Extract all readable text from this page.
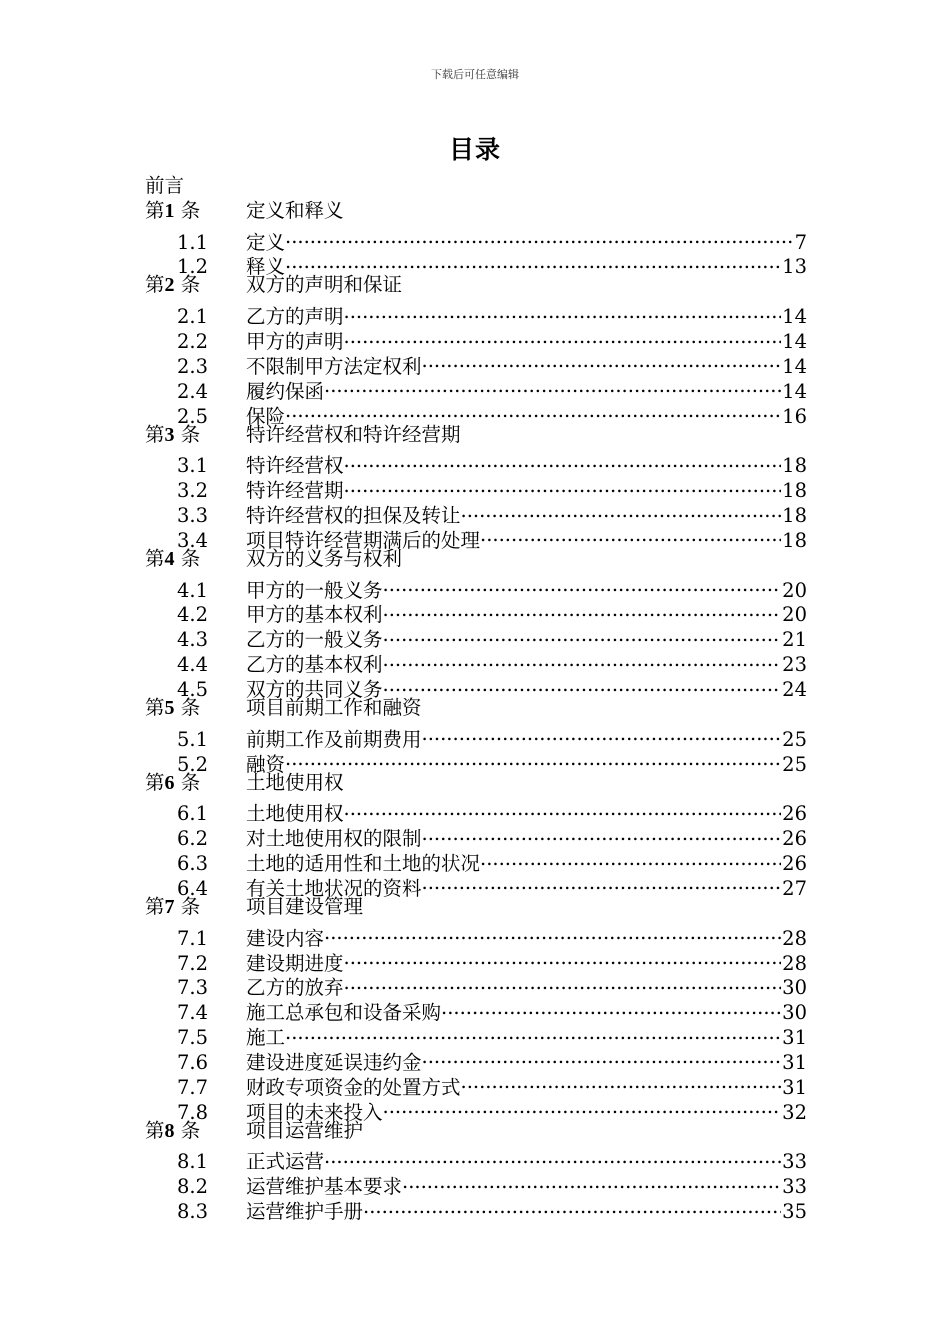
下载后可任意编辑
目录
前言
第1 条	定义和释义
1.1	定义 .....	7
1.2	释义 .....	13
第2 条	双方的声明和保证
2.1	乙方的声明 .....	14
2.2	甲方的声明 .....	14
2.3	不限制甲方法定权利 .....	14
2.4	履约保函 .....	14
2.5	保险 .....	16
第3 条	特许经营权和特许经营期
3.1	特许经营权 .....	18
3.2	特许经营期 .....	18
3.3	特许经营权的担保及转让 .....	18
3.4	项目特许经营期满后的处理 .....	18
第4 条	双方的义务与权利
4.1	甲方的一般义务 .....	20
4.2	甲方的基本权利 .....	20
4.3	乙方的一般义务 .....	21
4.4	乙方的基本权利 .....	23
4.5	双方的共同义务 .....	24
第5 条	项目前期工作和融资
5.1	前期工作及前期费用 .....	25
5.2	融资 .....	25
第6 条	土地使用权
6.1	土地使用权 .....	26
6.2	对土地使用权的限制 .....	26
6.3	土地的适用性和土地的状况 .....	26
6.4	有关土地状况的资料 .....	27
第7 条	项目建设管理
7.1	建设内容 .....	28
7.2	建设期进度 .....	28
7.3	乙方的放弃 .....	30
7.4	施工总承包和设备采购 .....	30
7.5	施工 .....	31
7.6	建设进度延误违约金 .....	31
7.7	财政专项资金的处置方式 .....	31
7.8	项目的未来投入 .....	32
第8 条	项目运营维护
8.1	正式运营 .....	33
8.2	运营维护基本要求 .....	33
8.3	运营维护手册 .....	35
